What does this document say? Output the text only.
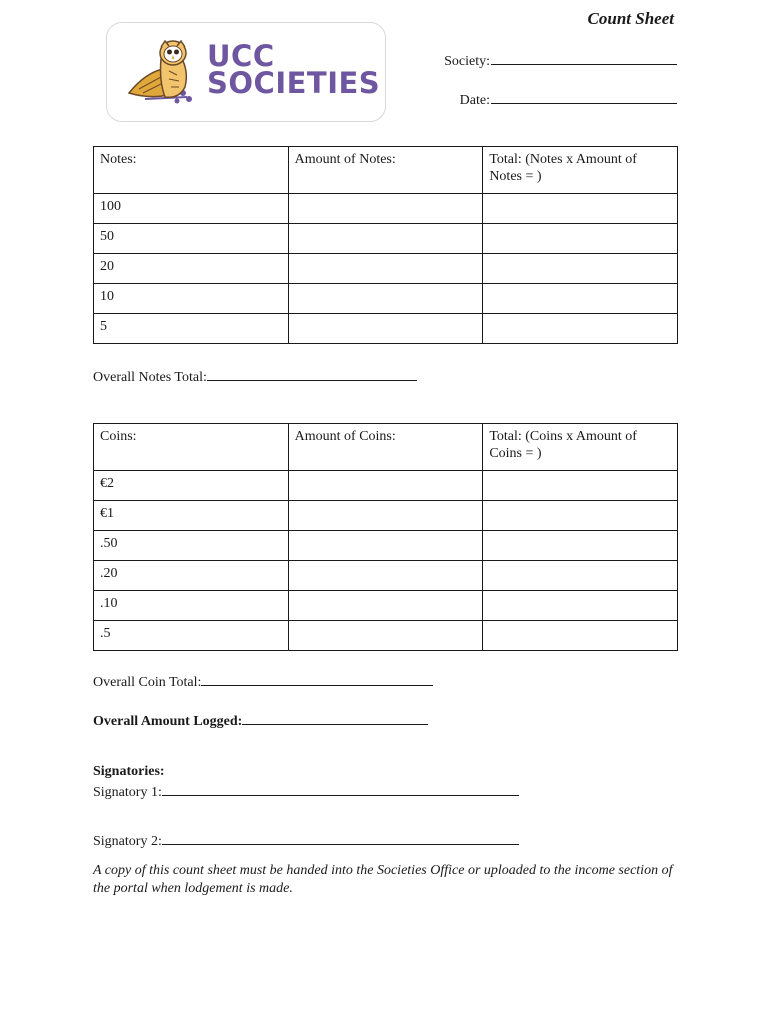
UCC
SOCIETIES
Count Sheet
Society:
Date:
Notes:	Amount of Notes:	Total: (Notes x Amount of Notes = )
100		
50		
20		
10		
5		
Overall Notes Total:
Coins:	Amount of Coins:	Total: (Coins x Amount of Coins = )
€2		
€1		
.50		
.20		
.10		
.5		
Overall Coin Total:
Overall Amount Logged:
Signatories:
Signatory 1:
Signatory 2:
A copy of this count sheet must be handed into the Societies Office or uploaded to the income section of the portal when lodgement is made.
